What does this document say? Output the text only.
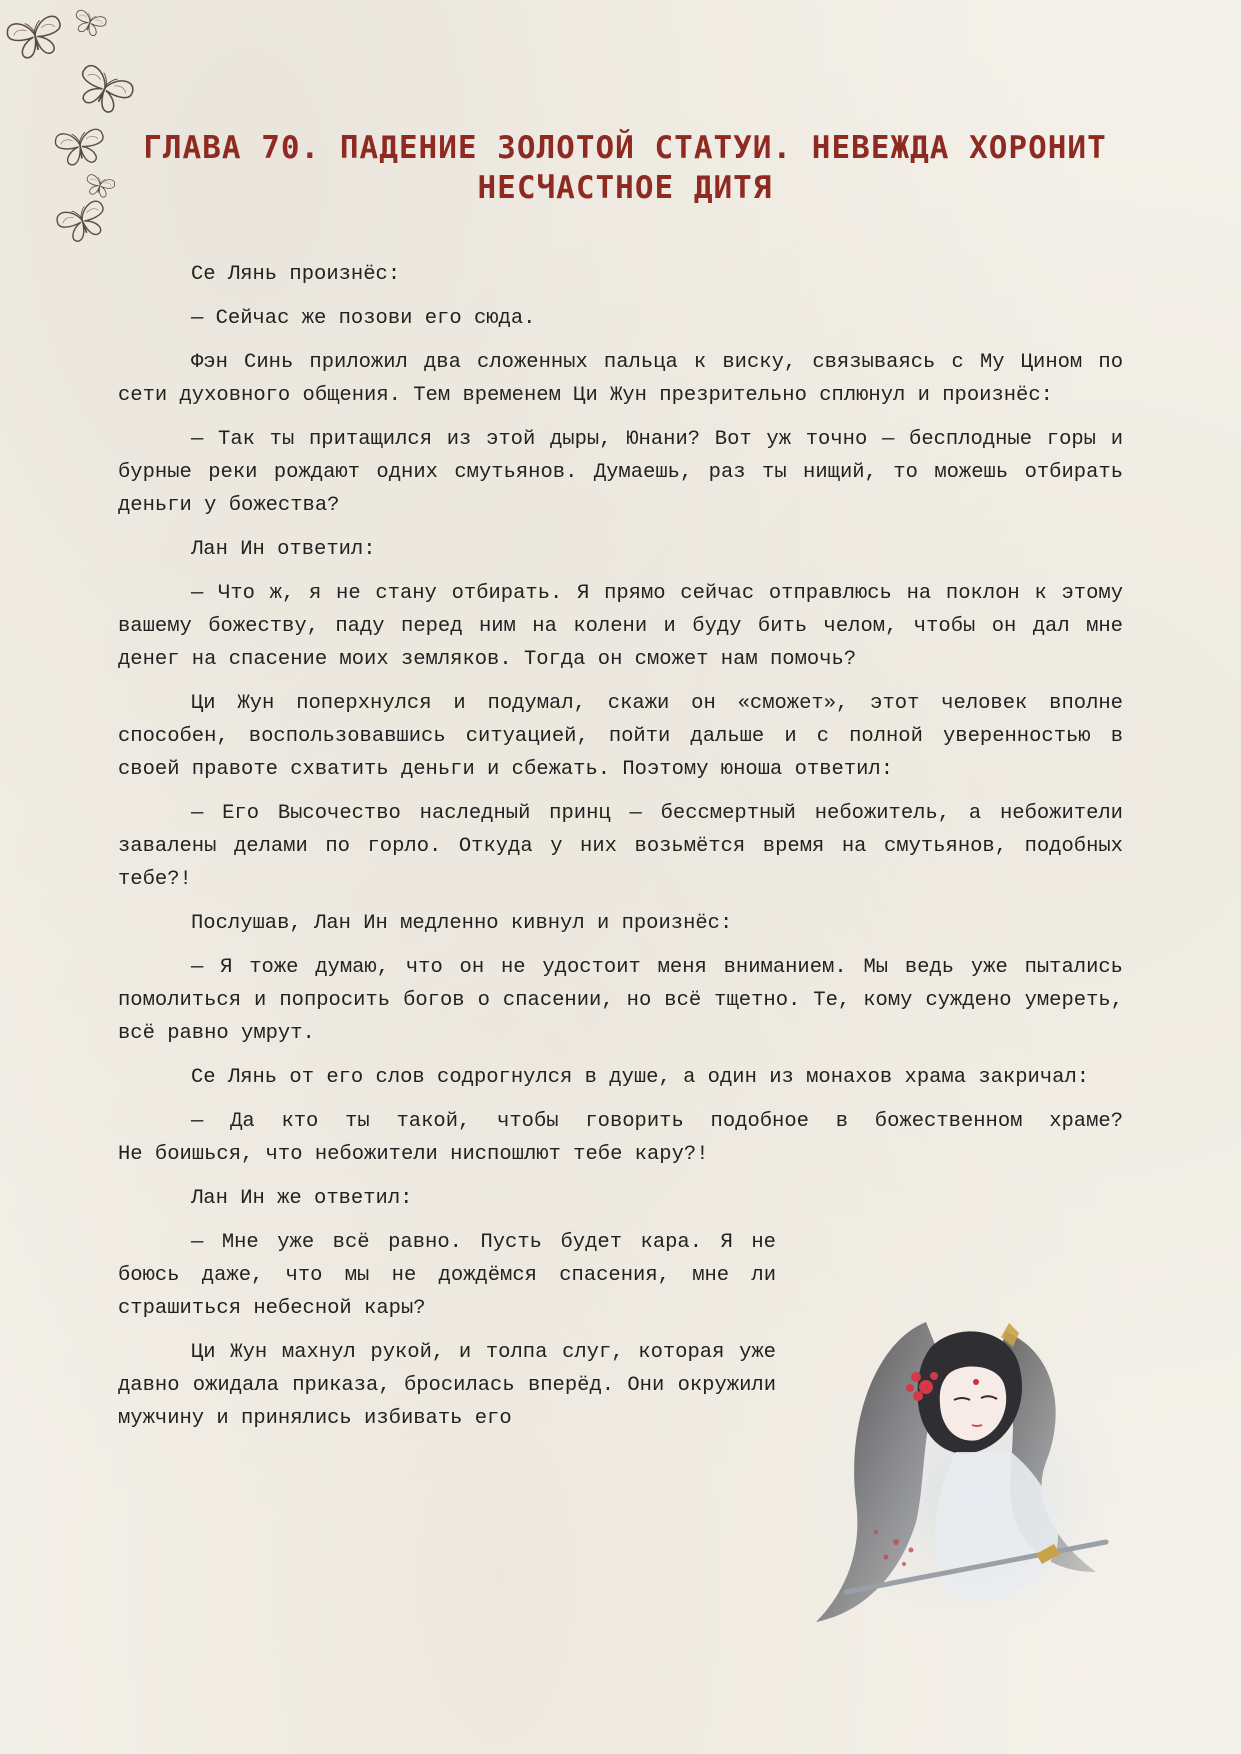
ГЛАВА 70. ПАДЕНИЕ ЗОЛОТОЙ СТАТУИ. НЕВЕЖДА ХОРОНИТ НЕСЧАСТНОЕ ДИТЯ

Се Лянь произнёс:

— Сейчас же позови его сюда.

Фэн Синь приложил два сложенных пальца к виску, связываясь с Му Цином по сети духовного общения. Тем временем Ци Жун презрительно сплюнул и произнёс:

— Так ты притащился из этой дыры, Юнани? Вот уж точно — бесплодные горы и бурные реки рождают одних смутьянов. Думаешь, раз ты нищий, то можешь отбирать деньги у божества?

Лан Ин ответил:

— Что ж, я не стану отбирать. Я прямо сейчас отправлюсь на поклон к этому вашему божеству, паду перед ним на колени и буду бить челом, чтобы он дал мне денег на спасение моих земляков. Тогда он сможет нам помочь?

Ци Жун поперхнулся и подумал, скажи он «сможет», этот человек вполне способен, воспользовавшись ситуацией, пойти дальше и с полной уверенностью в своей правоте схватить деньги и сбежать. Поэтому юноша ответил:

— Его Высочество наследный принц — бессмертный небожитель, а небожители завалены делами по горло. Откуда у них возьмётся время на смутьянов, подобных тебе?!

Послушав, Лан Ин медленно кивнул и произнёс:

— Я тоже думаю, что он не удостоит меня вниманием. Мы ведь уже пытались помолиться и попросить богов о спасении, но всё тщетно. Те, кому суждено умереть, всё равно умрут.

Се Лянь от его слов содрогнулся в душе, а один из монахов храма закричал:

— Да кто ты такой, чтобы говорить подобное в божественном храме? Не боишься, что небожители ниспошлют тебе кару?!

Лан Ин же ответил:

— Мне уже всё равно. Пусть будет кара. Я не боюсь даже, что мы не дождёмся спасения, мне ли страшиться небесной кары?

Ци Жун махнул рукой, и толпа слуг, которая уже давно ожидала приказа, бросилась вперёд. Они окружили мужчину и принялись избивать его
